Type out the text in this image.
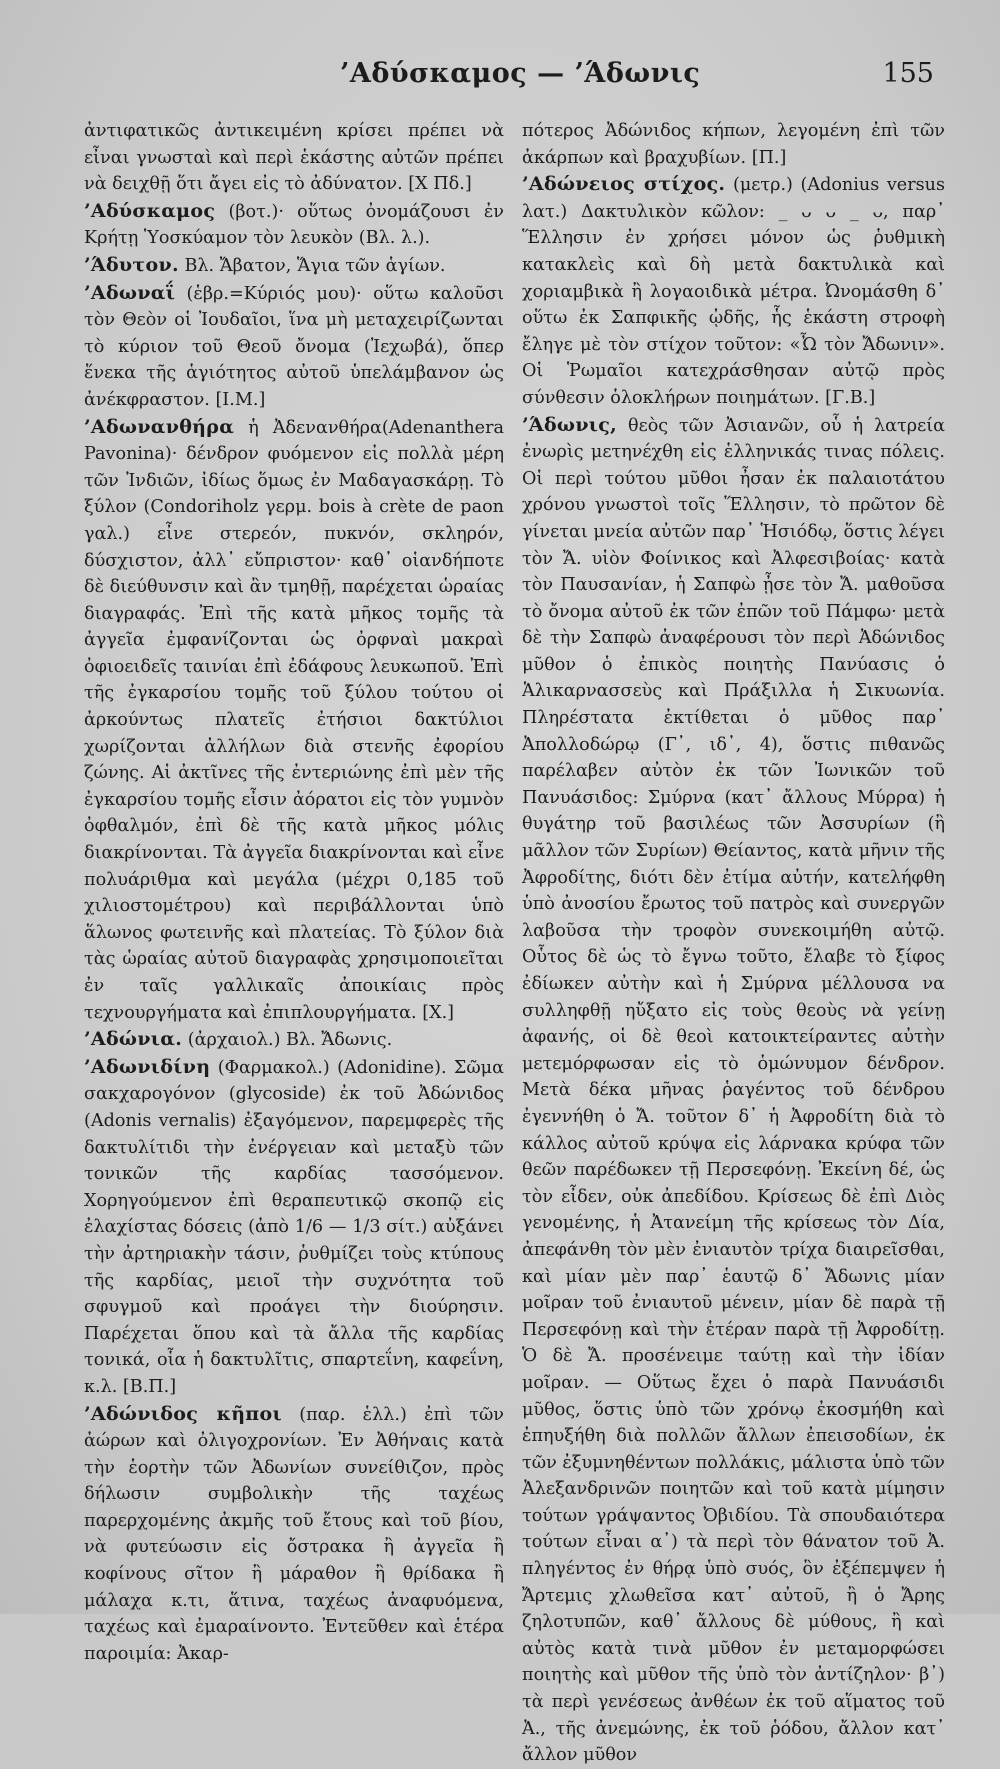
’Αδύσκαμος — ’Άδωνις	155

ἀντιφατικῶς ἀντικειμένη κρίσει πρέπει νὰ εἶναι γνωσταὶ καὶ περὶ ἑκάστης αὐτῶν πρέπει νὰ δειχθῇ ὅτι ἄγει εἰς τὸ ἀδύνατον. [Χ Πδ.]

’Αδύσκαμος (βοτ.)· οὕτως ὀνομάζουσι ἐν Κρήτῃ Ὑοσκύαμον τὸν λευκὸν (Βλ. λ.).

’Άδυτον. Βλ. Ἄβατον, Ἅγια τῶν ἁγίων.

’Αδωναΐ (ἑβρ.=Κύριός μου)· οὕτω καλοῦσι τὸν Θεὸν οἱ Ἰουδαῖοι, ἵνα μὴ μεταχειρίζωνται τὸ κύριον τοῦ Θεοῦ ὄνομα (Ἰεχωβά), ὅπερ ἕνεκα τῆς ἁγιότητος αὐτοῦ ὑπελάμβανον ὡς ἀνέκφραστον. [Ι.Μ.]

’Αδωνανθήρα ἡ Ἀδενανθήρα(Adenanthera Pavonina)· δένδρον φυόμενον εἰς πολλὰ μέρη τῶν Ἰνδιῶν, ἰδίως ὅμως ἐν Μαδαγασκάρῃ. Τὸ ξύλον (Condoriholz γερμ. bois à crète de paon γαλ.) εἶνε στερεόν, πυκνόν, σκληρόν, δύσχιστον, ἀλλ᾽ εὔπριστον· καθ᾽ οἱανδήποτε δὲ διεύθυνσιν καὶ ἂν τμηθῇ, παρέχεται ὡραίας διαγραφάς. Ἐπὶ τῆς κατὰ μῆκος τομῆς τὰ ἀγγεῖα ἐμφανίζονται ὡς ὀρφναὶ μακραὶ ὀφιοειδεῖς ταινίαι ἐπὶ ἐδάφους λευκωποῦ. Ἐπὶ τῆς ἐγκαρσίου τομῆς τοῦ ξύλου τούτου οἱ ἀρκούντως πλατεῖς ἐτήσιοι δακτύλιοι χωρίζονται ἀλλήλων διὰ στενῆς ἐφορίου ζώνης. Αἱ ἀκτῖνες τῆς ἐντεριώνης ἐπὶ μὲν τῆς ἐγκαρσίου τομῆς εἶσιν ἀόρατοι εἰς τὸν γυμνὸν ὀφθαλμόν, ἐπὶ δὲ τῆς κατὰ μῆκος μόλις διακρίνονται. Τὰ ἀγγεῖα διακρίνονται καὶ εἶνε πολυάριθμα καὶ μεγάλα (μέχρι 0,185 τοῦ χιλιοστομέτρου) καὶ περιβάλλονται ὑπὸ ἅλωνος φωτεινῆς καὶ πλατείας. Τὸ ξύλον διὰ τὰς ὡραίας αὐτοῦ διαγραφὰς χρησιμοποιεῖται ἐν ταῖς γαλλικαῖς ἀποικίαις πρὸς τεχνουργήματα καὶ ἐπιπλουργήματα. [Χ.]

’Αδώνια. (ἀρχαιολ.) Βλ. Ἄδωνις.

’Αδωνιδίνη (Φαρμακολ.) (Adonidine). Σῶμα σακχαρογόνον (glycoside) ἐκ τοῦ Ἀδώνιδος (Adonis vernalis) ἐξαγόμενον, παρεμφερὲς τῆς δακτυλίτιδι τὴν ἐνέργειαν καὶ μεταξὺ τῶν τονικῶν τῆς καρδίας τασσόμενον. Χορηγούμενον ἐπὶ θεραπευτικῷ σκοπῷ εἰς ἐλαχίστας δόσεις (ἀπὸ 1/6 — 1/3 σίτ.) αὐξάνει τὴν ἀρτηριακὴν τάσιν, ῥυθμίζει τοὺς κτύπους τῆς καρδίας, μειοῖ τὴν συχνότητα τοῦ σφυγμοῦ καὶ προάγει τὴν διούρησιν. Παρέχεται ὅπου καὶ τὰ ἄλλα τῆς καρδίας τονικά, οἷα ἡ δακτυλῖτις, σπαρτεΐνη, καφεΐνη, κ.λ. [Β.Π.]

’Αδώνιδος κῆποι (παρ. ἑλλ.) ἐπὶ τῶν ἀώρων καὶ ὀλιγοχρονίων. Ἐν Ἀθήναις κατὰ τὴν ἑορτὴν τῶν Ἀδωνίων συνείθιζον, πρὸς δήλωσιν συμβολικὴν τῆς ταχέως παρερχομένης ἀκμῆς τοῦ ἔτους καὶ τοῦ βίου, νὰ φυτεύωσιν εἰς ὄστρακα ἢ ἀγγεῖα ἢ κοφίνους σῖτον ἢ μάραθον ἢ θρίδακα ἢ μάλαχα κ.τι, ἅτινα, ταχέως ἀναφυόμενα, ταχέως καὶ ἐμαραίνοντο. Ἐντεῦθεν καὶ ἑτέρα παροιμία: Ἀκαρ-

πότερος Ἀδώνιδος κήπων, λεγομένη ἐπὶ τῶν ἀκάρπων καὶ βραχυβίων. [Π.]

’Αδώνειος στίχος. (μετρ.) (Adonius versus λατ.) Δακτυλικὸν κῶλον: _ ᴗ ᴗ _ ᴗ, παρ᾽ Ἕλλησιν ἐν χρήσει μόνον ὡς ῥυθμικὴ κατακλεὶς καὶ δὴ μετὰ δακτυλικὰ καὶ χοριαμβικὰ ἢ λογαοιδικὰ μέτρα. Ὠνομάσθη δ᾽ οὕτω ἐκ Σαπφικῆς ᾠδῆς, ἧς ἑκάστη στροφὴ ἔληγε μὲ τὸν στίχον τοῦτον: «Ὦ τὸν Ἄδωνιν». Οἱ Ῥωμαῖοι κατεχράσθησαν αὐτῷ πρὸς σύνθεσιν ὁλοκλήρων ποιημάτων. [Γ.Β.]

’Άδωνις, θεὸς τῶν Ἀσιανῶν, οὗ ἡ λατρεία ἐνωρὶς μετηνέχθη εἰς ἑλληνικάς τινας πόλεις. Οἱ περὶ τούτου μῦθοι ἦσαν ἐκ παλαιοτάτου χρόνου γνωστοὶ τοῖς Ἕλλησιν, τὸ πρῶτον δὲ γίνεται μνεία αὐτῶν παρ᾽ Ἡσιόδῳ, ὅστις λέγει τὸν Ἄ. υἱὸν Φοίνικος καὶ Ἀλφεσιβοίας· κατὰ τὸν Παυσανίαν, ἡ Σαπφὼ ᾖσε τὸν Ἄ. μαθοῦσα τὸ ὄνομα αὐτοῦ ἐκ τῶν ἐπῶν τοῦ Πάμφω· μετὰ δὲ τὴν Σαπφὼ ἀναφέρουσι τὸν περὶ Ἀδώνιδος μῦθον ὁ ἐπικὸς ποιητὴς Πανύασις ὁ Ἁλικαρνασσεὺς καὶ Πράξιλλα ἡ Σικυωνία. Πληρέστατα ἐκτίθεται ὁ μῦθος παρ᾽ Ἀπολλοδώρῳ (Γ᾽, ιδ᾽, 4), ὅστις πιθανῶς παρέλαβεν αὐτὸν ἐκ τῶν Ἰωνικῶν τοῦ Πανυάσιδος: Σμύρνα (κατ᾽ ἄλλους Μύρρα) ἡ θυγάτηρ τοῦ βασιλέως τῶν Ἀσσυρίων (ἢ μᾶλλον τῶν Συρίων) Θείαντος, κατὰ μῆνιν τῆς Ἀφροδίτης, διότι δὲν ἐτίμα αὐτήν, κατελήφθη ὑπὸ ἀνοσίου ἔρωτος τοῦ πατρὸς καὶ συνεργῶν λαβοῦσα τὴν τροφὸν συνεκοιμήθη αὐτῷ. Οὗτος δὲ ὡς τὸ ἔγνω τοῦτο, ἔλαβε τὸ ξίφος ἐδίωκεν αὐτὴν καὶ ἡ Σμύρνα μέλλουσα να συλληφθῇ ηὔξατο εἰς τοὺς θεοὺς νὰ γείνῃ ἀφανής, οἱ δὲ θεοὶ κατοικτείραντες αὐτὴν μετεμόρφωσαν εἰς τὸ ὁμώνυμον δένδρον. Μετὰ δέκα μῆνας ῥαγέντος τοῦ δένδρου ἐγεννήθη ὁ Ἄ. τοῦτον δ᾽ ἡ Ἀφροδίτη διὰ τὸ κάλλος αὐτοῦ κρύψα εἰς λάρνακα κρύφα τῶν θεῶν παρέδωκεν τῇ Περσεφόνῃ. Ἐκείνη δέ, ὡς τὸν εἶδεν, οὐκ ἀπεδίδου. Κρίσεως δὲ ἐπὶ Διὸς γενομένης, ἡ Ἀτανείμη τῆς κρίσεως τὸν Δία, ἀπεφάνθη τὸν μὲν ἐνιαυτὸν τρίχα διαιρεῖσθαι, καὶ μίαν μὲν παρ᾽ ἑαυτῷ δ᾽ Ἄδωνις μίαν μοῖραν τοῦ ἐνιαυτοῦ μένειν, μίαν δὲ παρὰ τῇ Περσεφόνῃ καὶ τὴν ἑτέραν παρὰ τῇ Ἀφροδίτῃ. Ὁ δὲ Ἄ. προσένειμε ταύτῃ καὶ τὴν ἰδίαν μοῖραν. — Οὕτως ἔχει ὁ παρὰ Πανυάσιδι μῦθος, ὅστις ὑπὸ τῶν χρόνῳ ἐκοσμήθη καὶ ἐπηυξήθη διὰ πολλῶν ἄλλων ἐπεισοδίων, ἐκ τῶν ἐξυμνηθέντων πολλάκις, μάλιστα ὑπὸ τῶν Ἀλεξανδρινῶν ποιητῶν καὶ τοῦ κατὰ μίμησιν τούτων γράψαντος Ὀβιδίου. Τὰ σπουδαιότερα τούτων εἶναι α᾽) τὰ περὶ τὸν θάνατον τοῦ Ἀ. πληγέντος ἐν θήρᾳ ὑπὸ συός, ὃν ἐξέπεμψεν ἡ Ἄρτεμις χλωθεῖσα κατ᾽ αὐτοῦ, ἢ ὁ Ἄρης ζηλοτυπῶν, καθ᾽ ἄλλους δὲ μύθους, ἢ καὶ αὐτὸς κατὰ τινὰ μῦθον ἐν μεταμορφώσει ποιητὴς καὶ μῦθον τῆς ὑπὸ τὸν ἀντίζηλον· β᾽) τὰ περὶ γενέσεως ἀνθέων ἐκ τοῦ αἵματος τοῦ Ἀ., τῆς ἀνεμώνης, ἐκ τοῦ ῥόδου, ἄλλον κατ᾽ ἄλλον μῦθον
